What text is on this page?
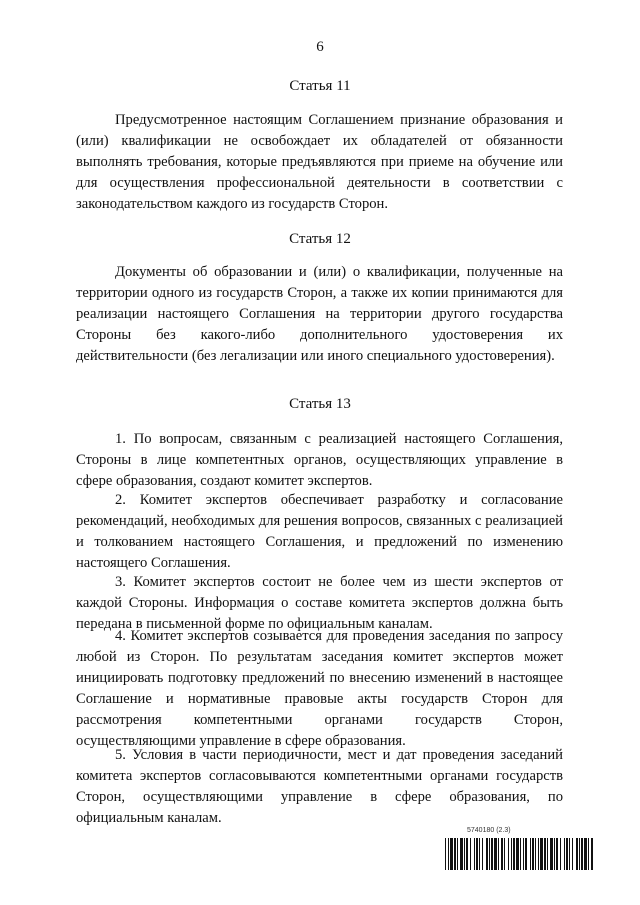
6
Статья 11

Предусмотренное настоящим Соглашением признание образования и (или) квалификации не освобождает их обладателей от обязанности выполнять требования, которые предъявляются при приеме на обучение или для осуществления профессиональной деятельности в соответствии с законодательством каждого из государств Сторон.

Статья 12

Документы об образовании и (или) о квалификации, полученные на территории одного из государств Сторон, а также их копии принимаются для реализации настоящего Соглашения на территории другого государства Стороны без какого-либо дополнительного удостоверения их действительности (без легализации или иного специального удостоверения).

Статья 13

1. По вопросам, связанным с реализацией настоящего Соглашения, Стороны в лице компетентных органов, осуществляющих управление в сфере образования, создают комитет экспертов.

2. Комитет экспертов обеспечивает разработку и согласование рекомендаций, необходимых для решения вопросов, связанных с реализацией и толкованием настоящего Соглашения, и предложений по изменению настоящего Соглашения.

3. Комитет экспертов состоит не более чем из шести экспертов от каждой Стороны. Информация о составе комитета экспертов должна быть передана в письменной форме по официальным каналам.

4. Комитет экспертов созывается для проведения заседания по запросу любой из Сторон. По результатам заседания комитет экспертов может инициировать подготовку предложений по внесению изменений в настоящее Соглашение и нормативные правовые акты государств Сторон для рассмотрения компетентными органами государств Сторон, осуществляющими управление в сфере образования.

5. Условия в части периодичности, мест и дат проведения заседаний комитета экспертов согласовываются компетентными органами государств Сторон, осуществляющими управление в сфере образования, по официальным каналам.

5740180 (2.3)
